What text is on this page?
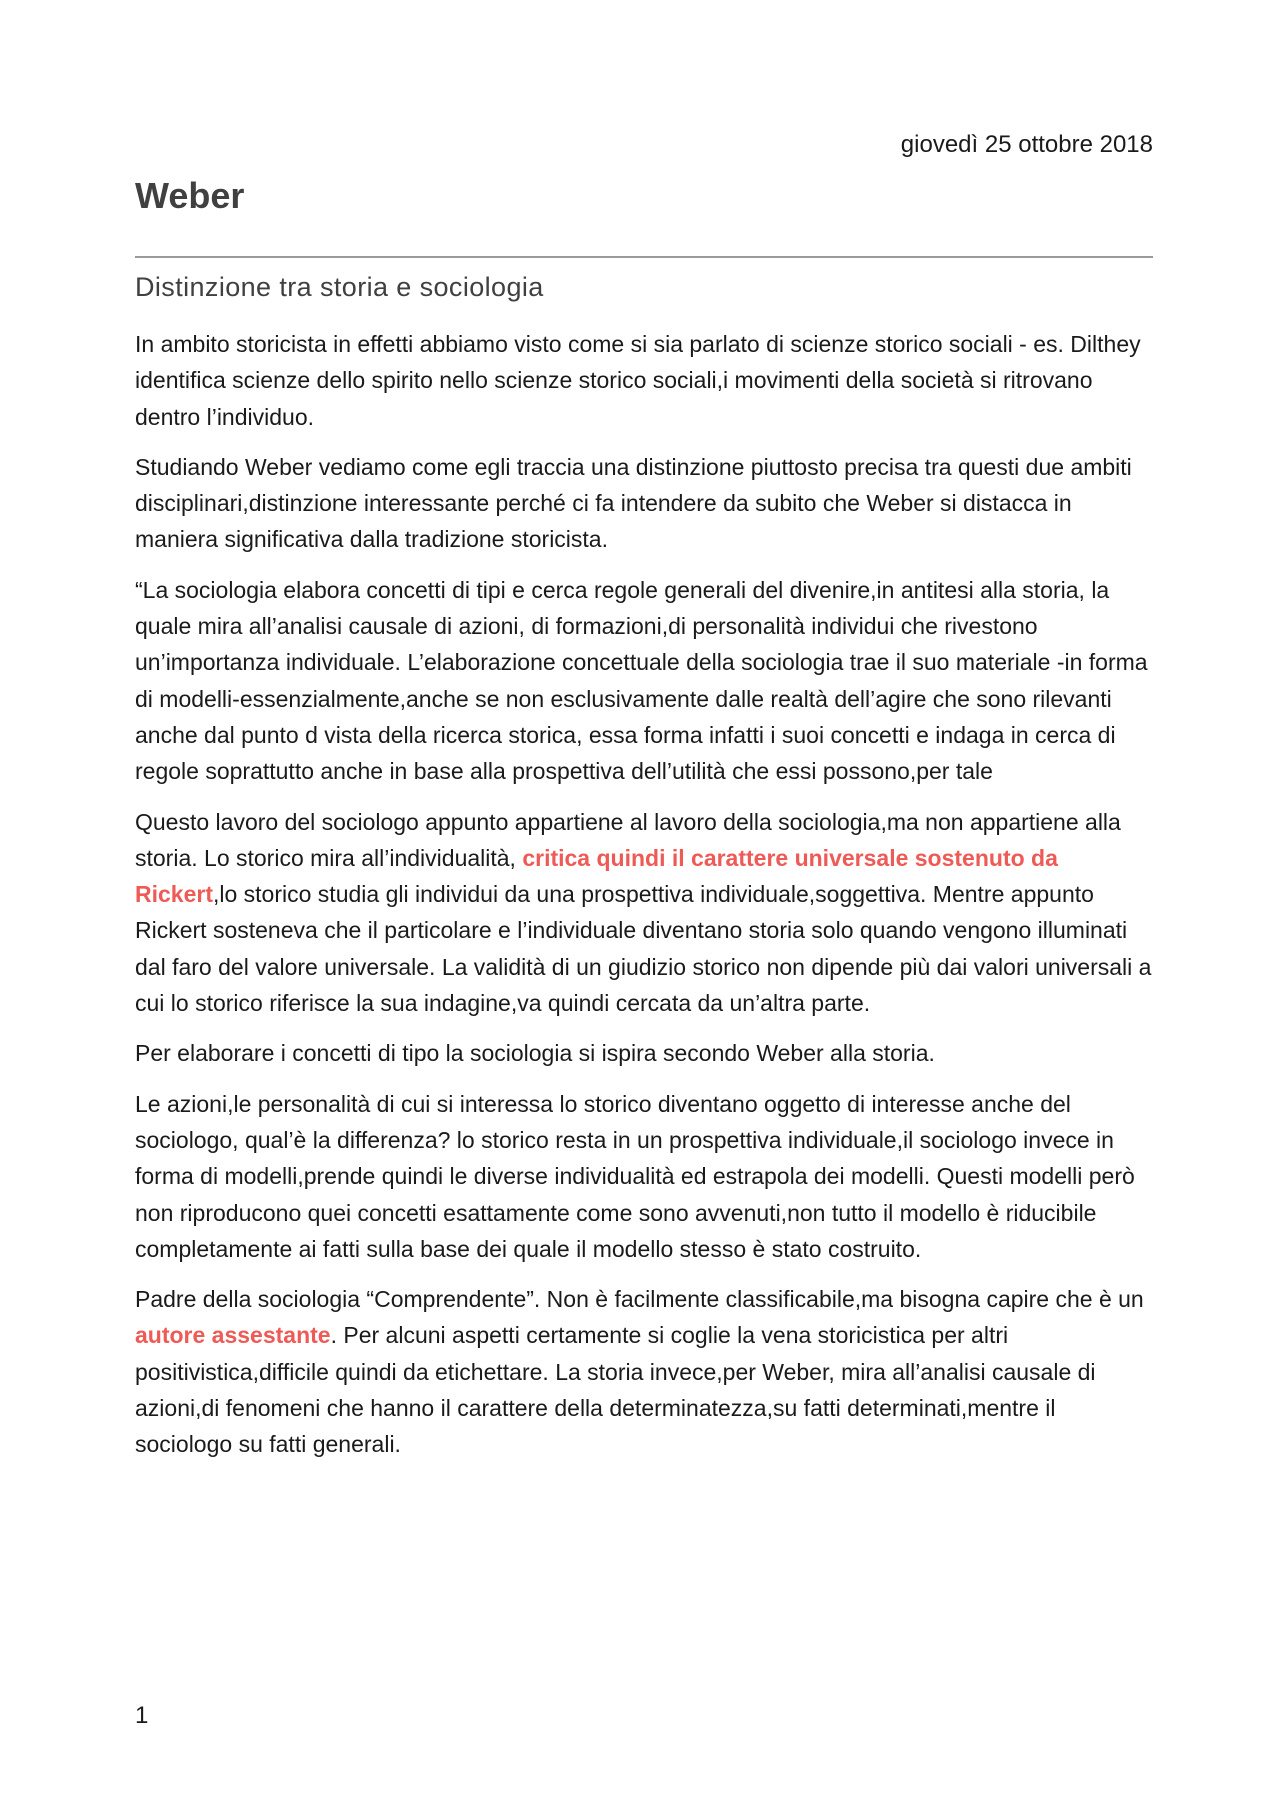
giovedì 25 ottobre 2018
Weber
Distinzione tra storia e sociologia

In ambito storicista in effetti abbiamo visto come si sia parlato di scienze storico sociali - es. Dilthey identifica scienze dello spirito nello scienze storico sociali,i movimenti della società si ritrovano dentro l’individuo.

Studiando Weber vediamo come egli traccia una distinzione piuttosto precisa tra questi due ambiti disciplinari,distinzione interessante perché ci fa intendere da subito che Weber si distacca in maniera significativa dalla tradizione storicista.

“La sociologia elabora concetti di tipi e cerca regole generali del divenire,in antitesi alla storia, la quale mira all’analisi causale di azioni, di formazioni,di personalità individui che rivestono un’importanza individuale. L’elaborazione concettuale della sociologia trae il suo materiale -in forma di modelli-essenzialmente,anche se non esclusivamente dalle realtà dell’agire che sono rilevanti anche dal punto d vista della ricerca storica, essa forma infatti i suoi concetti e indaga in cerca di regole soprattutto anche in base alla prospettiva dell’utilità che essi possono,per tale

Questo lavoro del sociologo appunto appartiene al lavoro della sociologia,ma non appartiene alla storia. Lo storico mira all’individualità, critica quindi il carattere universale sostenuto da Rickert,lo storico studia gli individui da una prospettiva individuale,soggettiva. Mentre appunto Rickert sosteneva che il particolare e l’individuale diventano storia solo quando vengono illuminati dal faro del valore universale. La validità di un giudizio storico non dipende più dai valori universali a cui lo storico riferisce la sua indagine,va quindi cercata da un’altra parte.

Per elaborare i concetti di tipo la sociologia si ispira secondo Weber alla storia.

Le azioni,le personalità di cui si interessa lo storico diventano oggetto di interesse anche del sociologo, qual’è la differenza? lo storico resta in un prospettiva individuale,il sociologo invece in forma di modelli,prende quindi le diverse individualità ed estrapola dei modelli. Questi modelli però non riproducono quei concetti esattamente come sono avvenuti,non tutto il modello è riducibile completamente ai fatti sulla base dei quale il modello stesso è stato costruito.

Padre della sociologia “Comprendente”. Non è facilmente classificabile,ma bisogna capire che è un autore assestante. Per alcuni aspetti certamente si coglie la vena storicistica per altri positivistica,difficile quindi da etichettare. La storia invece,per Weber, mira all’analisi causale di azioni,di fenomeni che hanno il carattere della determinatezza,su fatti determinati,mentre il sociologo su fatti generali.

1
